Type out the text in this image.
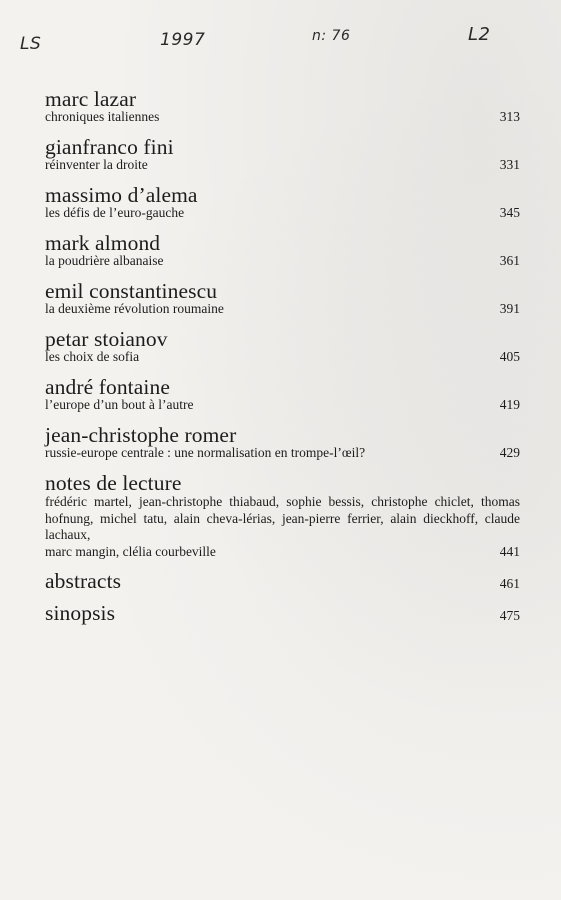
LS	1997	n: 76	L2
marc lazar
chroniques italiennes	313
gianfranco fini
réinventer la droite	331
massimo d’alema
les défis de l’euro-gauche	345
mark almond
la poudrière albanaise	361
emil constantinescu
la deuxième révolution roumaine	391
petar stoianov
les choix de sofia	405
andré fontaine
l’europe d’un bout à l’autre	419
jean-christophe romer
russie-europe centrale : une normalisation en trompe-l’œil?	429
notes de lecture
frédéric martel, jean-christophe thiabaud, sophie bessis, christophe chiclet, thomas hofnung, michel tatu, alain cheva-lérias, jean-pierre ferrier, alain dieckhoff, claude lachaux,
marc mangin, clélia courbeville	441
abstracts	461
sinopsis	475
